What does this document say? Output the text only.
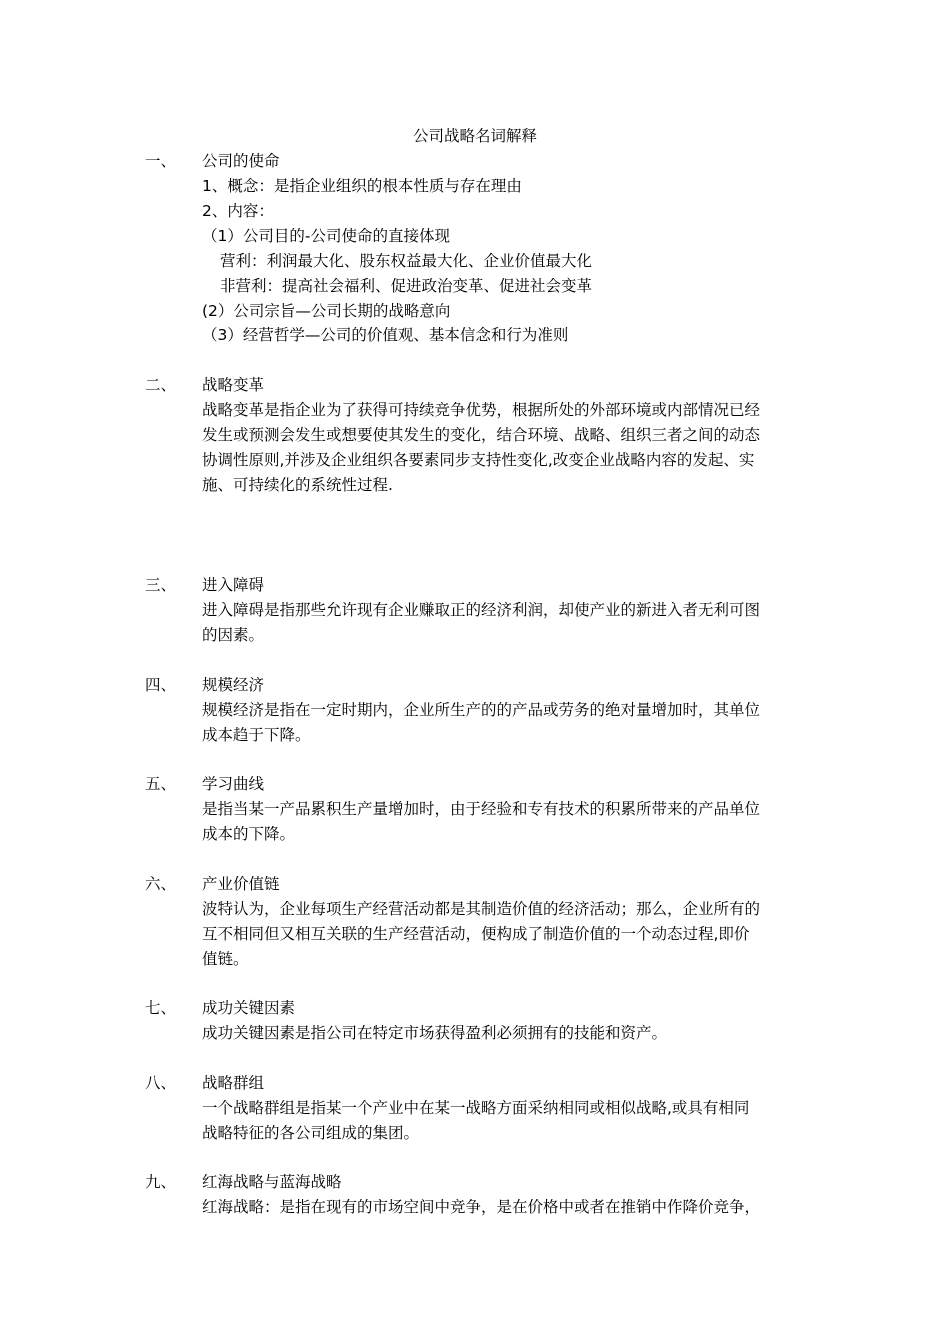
公司战略名词解释
一、 公司的使命
1、概念：是指企业组织的根本性质与存在理由
2、内容：
（1）公司目的-公司使命的直接体现
营利：利润最大化、股东权益最大化、企业价值最大化
非营利：提高社会福利、促进政治变革、促进社会变革
(2）公司宗旨—公司长期的战略意向
（3）经营哲学—公司的价值观、基本信念和行为准则
二、 战略变革
战略变革是指企业为了获得可持续竞争优势，根据所处的外部环境或内部情况已经
发生或预测会发生或想要使其发生的变化，结合环境、战略、组织三者之间的动态
协调性原则,并涉及企业组织各要素同步支持性变化,改变企业战略内容的发起、实
施、可持续化的系统性过程.
三、 进入障碍
进入障碍是指那些允许现有企业赚取正的经济利润，却使产业的新进入者无利可图
的因素。
四、 规模经济
规模经济是指在一定时期内，企业所生产的的产品或劳务的绝对量增加时，其单位
成本趋于下降。
五、 学习曲线
是指当某一产品累积生产量增加时，由于经验和专有技术的积累所带来的产品单位
成本的下降。
六、 产业价值链
波特认为，企业每项生产经营活动都是其制造价值的经济活动；那么，企业所有的
互不相同但又相互关联的生产经营活动，便构成了制造价值的一个动态过程,即价
值链。
七、 成功关键因素
成功关键因素是指公司在特定市场获得盈利必须拥有的技能和资产。
八、 战略群组
一个战略群组是指某一个产业中在某一战略方面采纳相同或相似战略,或具有相同
战略特征的各公司组成的集团。
九、 红海战略与蓝海战略
红海战略：是指在现有的市场空间中竞争，是在价格中或者在推销中作降价竞争，
